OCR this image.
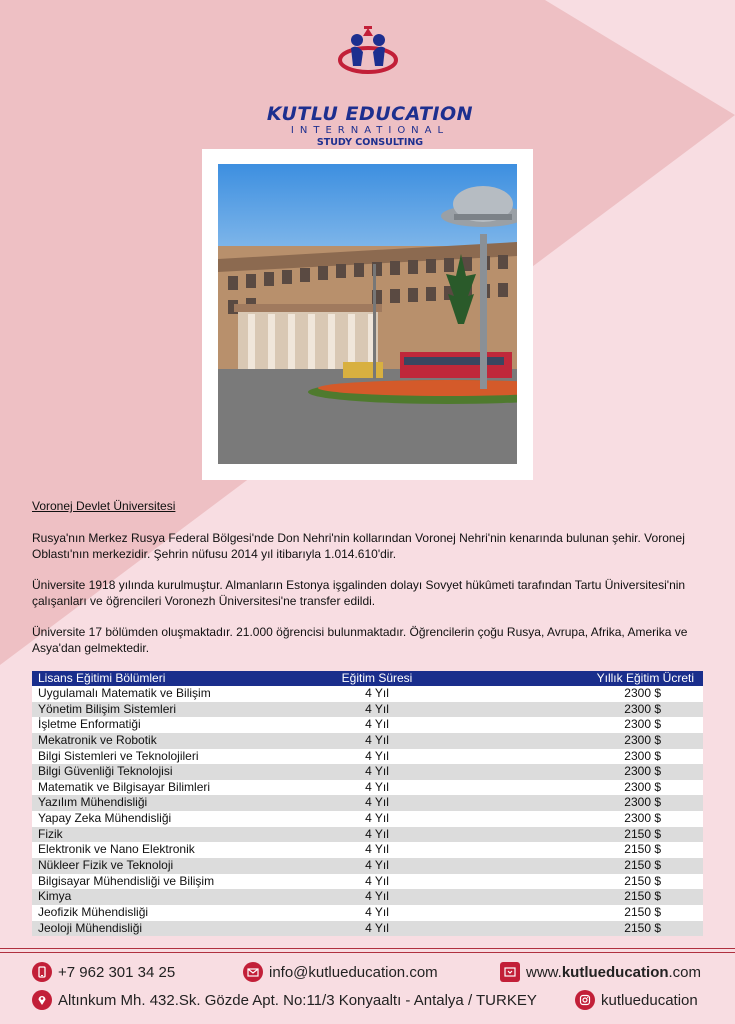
KUTLU EDUCATION
INTERNATIONAL
STUDY CONSULTING
Voronej Devlet Üniversitesi

Rusya'nın Merkez Rusya Federal Bölgesi'nde Don Nehri'nin kollarından Voronej Nehri'nin kenarında bulunan şehir. Voronej Oblastı'nın merkezidir. Şehrin nüfusu 2014 yıl itibarıyla 1.014.610'dir.

Üniversite 1918 yılında kurulmuştur. Almanların Estonya işgalinden dolayı Sovyet hükûmeti tarafından Tartu Üniversitesi'nin çalışanları ve öğrencileri Voronezh Üniversitesi'ne transfer edildi.

Üniversite 17 bölümden oluşmaktadır. 21.000 öğrencisi bulunmaktadır. Öğrencilerin çoğu Rusya, Avrupa, Afrika, Amerika ve Asya'dan gelmektedir.

Lisans Eğitimi Bölümleri	Eğitim Süresi	Yıllık Eğitim Ücreti
Uygulamalı Matematik ve Bilişim	4 Yıl	2300 $
Yönetim Bilişim Sistemleri	4 Yıl	2300 $
İşletme Enformatiği	4 Yıl	2300 $
Mekatronik ve Robotik	4 Yıl	2300 $
Bilgi Sistemleri ve Teknolojileri	4 Yıl	2300 $
Bilgi Güvenliği Teknolojisi	4 Yıl	2300 $
Matematik ve Bilgisayar Bilimleri	4 Yıl	2300 $
Yazılım Mühendisliği	4 Yıl	2300 $
Yapay Zeka Mühendisliği	4 Yıl	2300 $
Fizik	4 Yıl	2150 $
Elektronik ve Nano Elektronik	4 Yıl	2150 $
Nükleer Fizik ve Teknoloji	4 Yıl	2150 $
Bilgisayar Mühendisliği ve Bilişim	4 Yıl	2150 $
Kimya	4 Yıl	2150 $
Jeofizik Mühendisliği	4 Yıl	2150 $
Jeoloji Mühendisliği	4 Yıl	2150 $
+7 962 301 34 25	info@kutlueducation.com	www. kutlueducation .com
Altınkum Mh. 432.Sk. Gözde Apt. No:11/3 Konyaaltı - Antalya / TURKEY	kutlueducation
